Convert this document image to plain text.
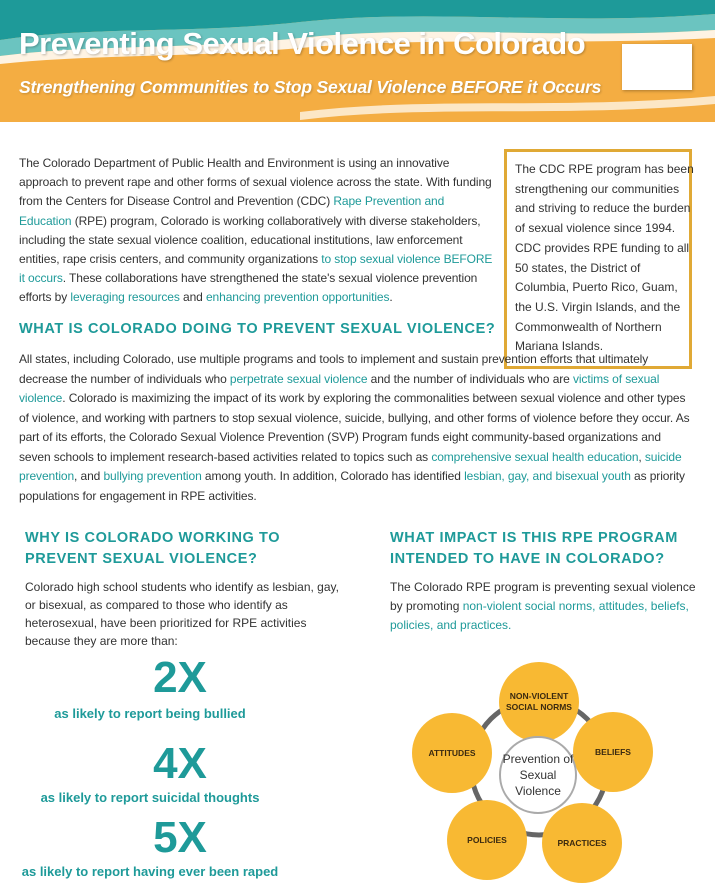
Preventing Sexual Violence in Colorado

Strengthening Communities to Stop Sexual Violence BEFORE it Occurs

The Colorado Department of Public Health and Environment is using an innovative approach to prevent rape and other forms of sexual violence across the state. With funding from the Centers for Disease Control and Prevention (CDC) Rape Prevention and Education (RPE) program, Colorado is working collaboratively with diverse stakeholders, including the state sexual violence coalition, educational institutions, law enforcement entities, rape crisis centers, and community organizations to stop sexual violence BEFORE it occurs. These collaborations have strengthened the state's sexual violence prevention efforts by leveraging resources and enhancing prevention opportunities.

The CDC RPE program has been strengthening our communities and striving to reduce the burden of sexual violence since 1994. CDC provides RPE funding to all 50 states, the District of Columbia, Puerto Rico, Guam, the U.S. Virgin Islands, and the Commonwealth of Northern Mariana Islands.

WHAT IS COLORADO DOING TO PREVENT SEXUAL VIOLENCE?

All states, including Colorado, use multiple programs and tools to implement and sustain prevention efforts that ultimately decrease the number of individuals who perpetrate sexual violence and the number of individuals who are victims of sexual violence. Colorado is maximizing the impact of its work by exploring the commonalities between sexual violence and other types of violence, and working with partners to stop sexual violence, suicide, bullying, and other forms of violence before they occur. As part of its efforts, the Colorado Sexual Violence Prevention (SVP) Program funds eight community-based organizations and seven schools to implement research-based activities related to topics such as comprehensive sexual health education, suicide prevention, and bullying prevention among youth. In addition, Colorado has identified lesbian, gay, and bisexual youth as priority populations for engagement in RPE activities.

WHY IS COLORADO WORKING TO
PREVENT SEXUAL VIOLENCE?
WHAT IMPACT IS THIS RPE PROGRAM
INTENDED TO HAVE IN COLORADO?

Colorado high school students who identify as lesbian, gay, or bisexual, as compared to those who identify as heterosexual, have been prioritized for RPE activities because they are more than:

The Colorado RPE program is preventing sexual violence by promoting non-violent social norms, attitudes, beliefs, policies, and practices.

2X
as likely to report being bullied
4X
as likely to report suicidal thoughts
5X
as likely to report having ever been raped
NON-VIOLENT
SOCIAL NORMS
BELIEFS
PRACTICES
POLICIES
ATTITUDES	Prevention of Sexual Violence
